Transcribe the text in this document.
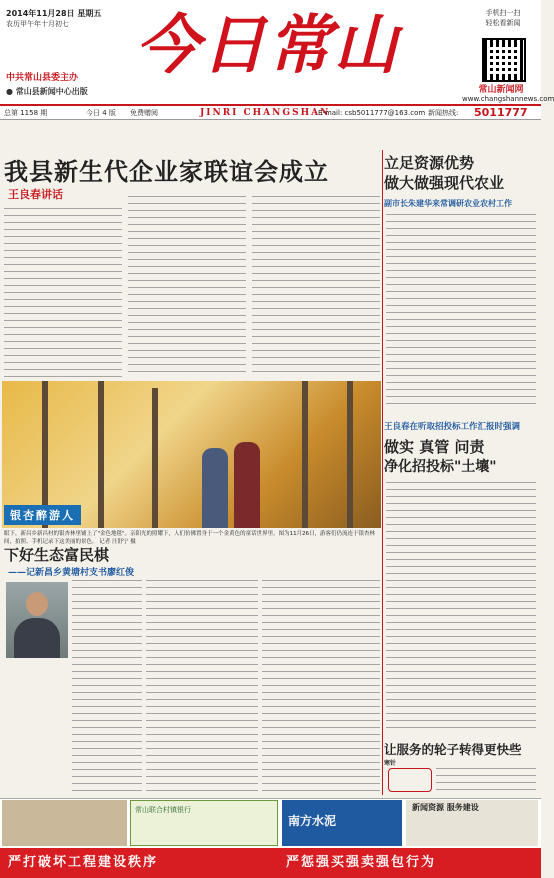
2014年11月28日 星期五
农历甲午年十月初七
中共常山县委主办
● 常山县新闻中心出版
今日常山	手机扫一扫
轻松看新闻
常山新闻网
www.changshannews.com
总第 1158 期	今日 4 版 免费赠阅	JINRI CHANGSHAN
E-mail: csb5011777@163.com 新闻热线: 5011777
我县新生代企业家联谊会成立
王良春讲话
银杏醉游人
眼下，新昌乡新昌村的银杏林里铺上了"金色地毯"。亲阳光的照耀下，人们仿佛置身于一个金黄色的童话世界里。图为11月26日，游客们仍流连于银杏林间，拍照、手机记录下这美丽的景色。 记者 汪舒宁 摄
下好生态富民棋
——记新昌乡黄塘村支书廖红俊
立足资源优势
做大做强现代农业
副市长朱建华来常调研农业农村工作
王良春在听取招投标工作汇报时强调
做实 真管 问责
净化招投标"土壤"
让服务的轮子转得更快些
寒针
常山联合村镇银行
南方水泥
新闻资源 服务建设
严打破坏工程建设秩序	严惩强买强卖强包行为
